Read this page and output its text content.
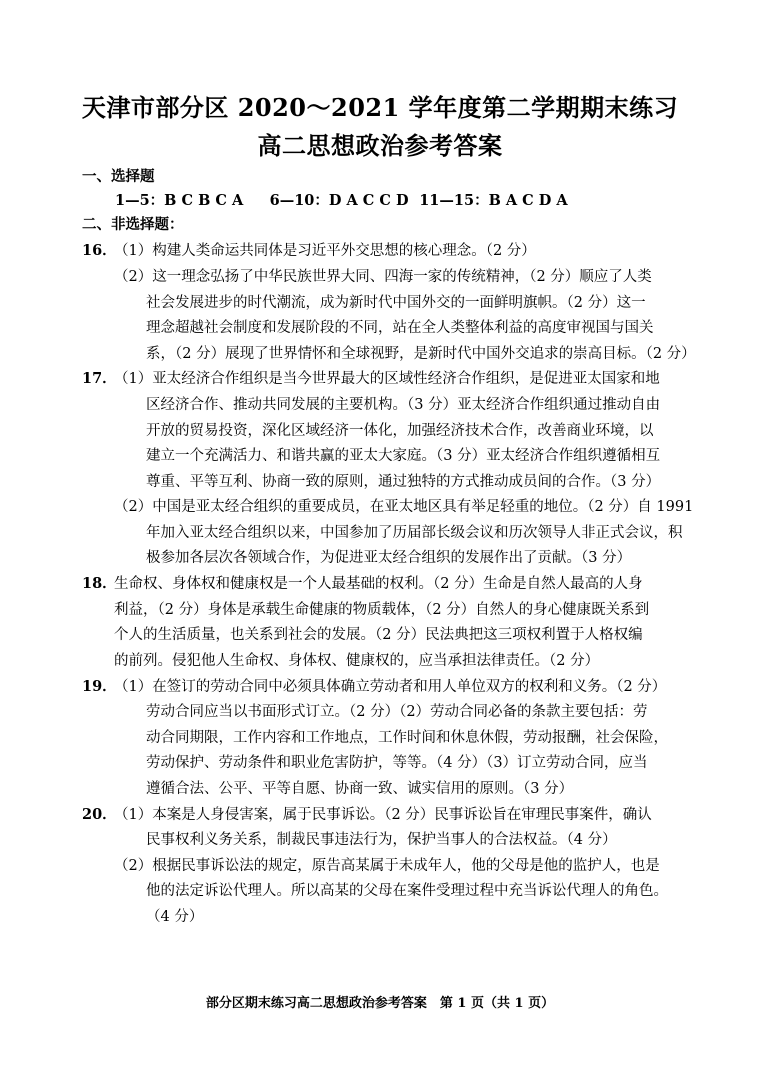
天津市部分区 2020～2021 学年度第二学期期末练习
高二思想政治参考答案
一、选择题
1—5：B C B C A 6—10：D A C C D 11—15：B A C D A
二、非选择题：
16．
（1）构建人类命运共同体是习近平外交思想的核心理念。（2 分）
（2）这一理念弘扬了中华民族世界大同、四海一家的传统精神，（2 分）顺应了人类
社会发展进步的时代潮流，成为新时代中国外交的一面鲜明旗帜。（2 分）这一
理念超越社会制度和发展阶段的不同，站在全人类整体利益的高度审视国与国关
系，（2 分）展现了世界情怀和全球视野，是新时代中国外交追求的崇高目标。（2 分）
17．
（1）亚太经济合作组织是当今世界最大的区域性经济合作组织，是促进亚太国家和地
区经济合作、推动共同发展的主要机构。（3 分）亚太经济合作组织通过推动自由
开放的贸易投资，深化区域经济一体化，加强经济技术合作，改善商业环境，以
建立一个充满活力、和谐共赢的亚太大家庭。（3 分）亚太经济合作组织遵循相互
尊重、平等互利、协商一致的原则，通过独特的方式推动成员间的合作。（3 分）
（2）中国是亚太经合组织的重要成员，在亚太地区具有举足轻重的地位。（2 分）自 1991
年加入亚太经合组织以来，中国参加了历届部长级会议和历次领导人非正式会议，积
极参加各层次各领域合作，为促进亚太经合组织的发展作出了贡献。（3 分）
18．
生命权、身体权和健康权是一个人最基础的权利。（2 分）生命是自然人最高的人身
利益，（2 分）身体是承载生命健康的物质载体，（2 分）自然人的身心健康既关系到
个人的生活质量，也关系到社会的发展。（2 分）民法典把这三项权利置于人格权编
的前列。侵犯他人生命权、身体权、健康权的，应当承担法律责任。（2 分）
19．
（1）在签订的劳动合同中必须具体确立劳动者和用人单位双方的权利和义务。（2 分）
劳动合同应当以书面形式订立。（2 分）（2）劳动合同必备的条款主要包括：劳
动合同期限，工作内容和工作地点，工作时间和休息休假，劳动报酬，社会保险，
劳动保护、劳动条件和职业危害防护，等等。（4 分）（3）订立劳动合同，应当
遵循合法、公平、平等自愿、协商一致、诚实信用的原则。（3 分）
20．
（1）本案是人身侵害案，属于民事诉讼。（2 分）民事诉讼旨在审理民事案件，确认
民事权利义务关系，制裁民事违法行为，保护当事人的合法权益。（4 分）
（2）根据民事诉讼法的规定，原告高某属于未成年人，他的父母是他的监护人，也是
他的法定诉讼代理人。所以高某的父母在案件受理过程中充当诉讼代理人的角色。
（4 分）
部分区期末练习高二思想政治参考答案　第 1 页（共 1 页）
